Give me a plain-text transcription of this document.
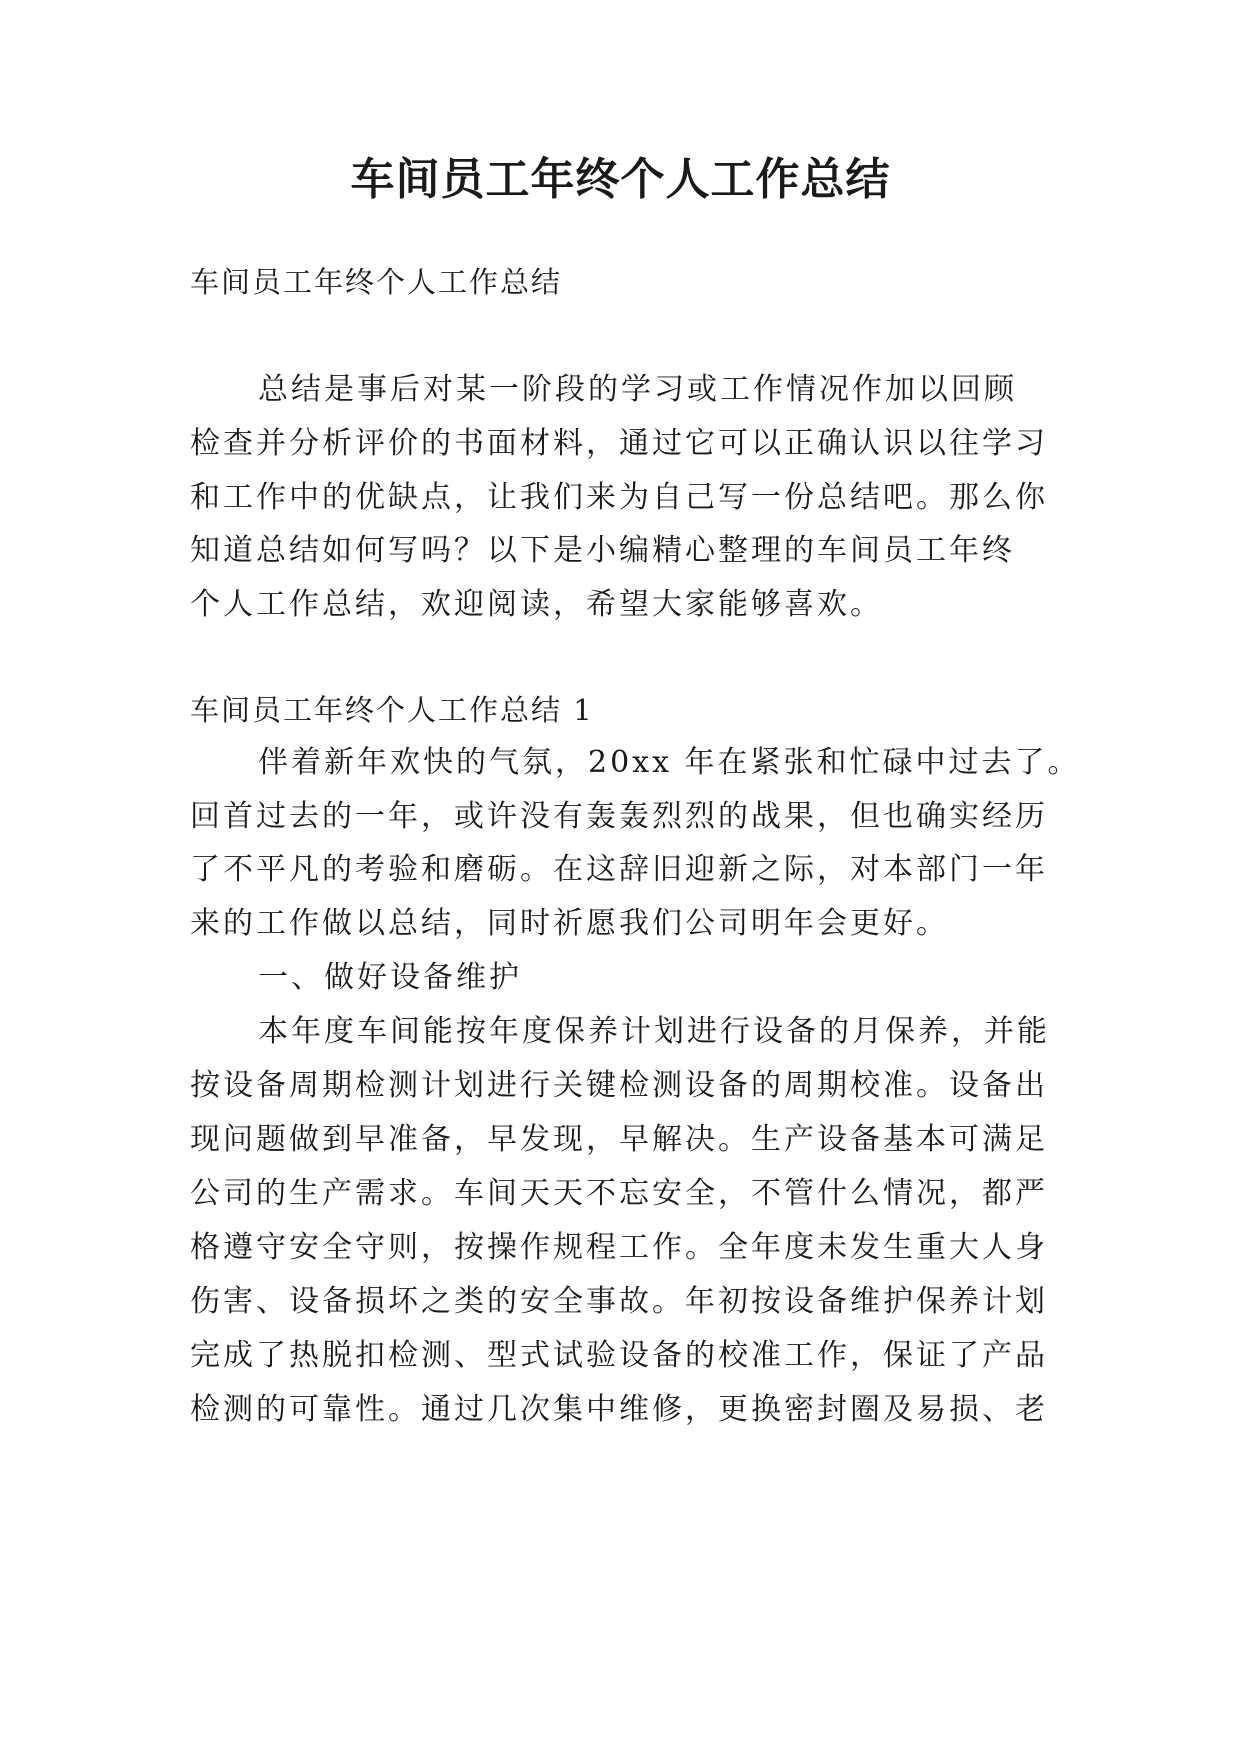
车间员工年终个人工作总结

车间员工年终个人工作总结

总结是事后对某一阶段的学习或工作情况作加以回顾

检查并分析评价的书面材料，通过它可以正确认识以往学习

和工作中的优缺点，让我们来为自己写一份总结吧。那么你

知道总结如何写吗？以下是小编精心整理的车间员工年终

个人工作总结，欢迎阅读，希望大家能够喜欢。

车间员工年终个人工作总结 1

伴着新年欢快的气氛，20xx 年在紧张和忙碌中过去了。

回首过去的一年，或许没有轰轰烈烈的战果，但也确实经历

了不平凡的考验和磨砺。在这辞旧迎新之际，对本部门一年

来的工作做以总结，同时祈愿我们公司明年会更好。

一、做好设备维护

本年度车间能按年度保养计划进行设备的月保养，并能

按设备周期检测计划进行关键检测设备的周期校准。设备出

现问题做到早准备，早发现，早解决。生产设备基本可满足

公司的生产需求。车间天天不忘安全，不管什么情况，都严

格遵守安全守则，按操作规程工作。全年度未发生重大人身

伤害、设备损坏之类的安全事故。年初按设备维护保养计划

完成了热脱扣检测、型式试验设备的校准工作，保证了产品

检测的可靠性。通过几次集中维修，更换密封圈及易损、老
